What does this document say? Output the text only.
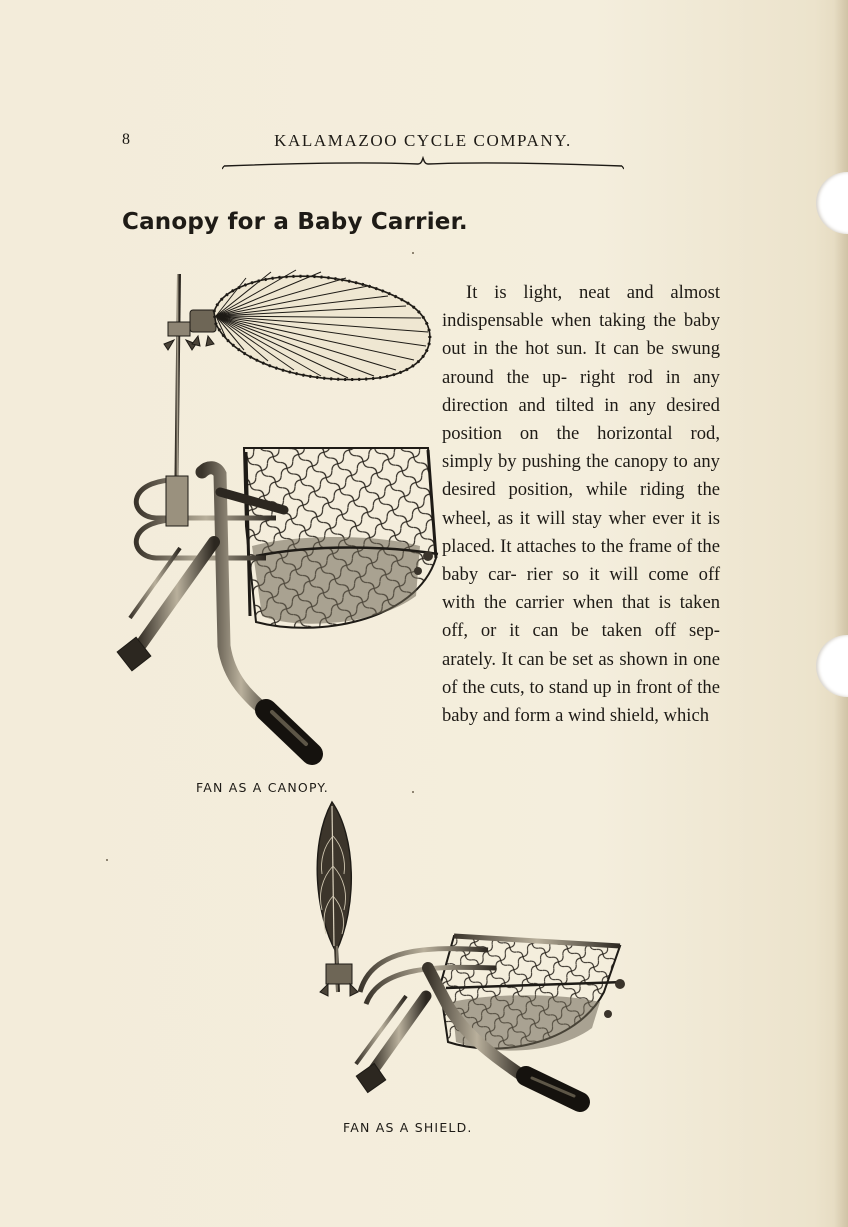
8	KALAMAZOO CYCLE COMPANY.
Canopy for a Baby Carrier.

It is light, neat and almost indispensable when taking the baby out in the hot sun. It can be swung around the up- right rod in any direction and tilted in any desired position on the horizontal rod, simply by pushing the canopy to any desired position, while riding the wheel, as it will stay wher ever it is placed. It attaches to the frame of the baby car- rier so it will come off with the carrier when that is taken off, or it can be taken off sep- arately. It can be set as shown in one of the cuts, to stand up in front of the baby and form a wind shield, which

FAN AS A CANOPY.
FAN AS A SHIELD.
